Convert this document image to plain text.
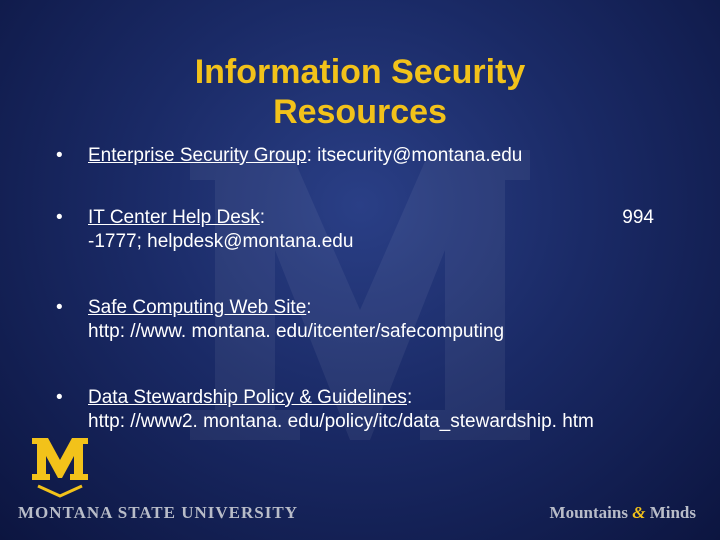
Information Security
Resources
•	Enterprise Security Group: itsecurity@montana.edu
•	IT Center Help Desk:	994
-1777; helpdesk@montana.edu
•	Safe Computing Web Site:
http: //www. montana. edu/itcenter/safecomputing
•	Data Stewardship Policy & Guidelines:
http: //www2. montana. edu/policy/itc/data_stewardship. htm
MONTANA STATE UNIVERSITY	Mountains & Minds
